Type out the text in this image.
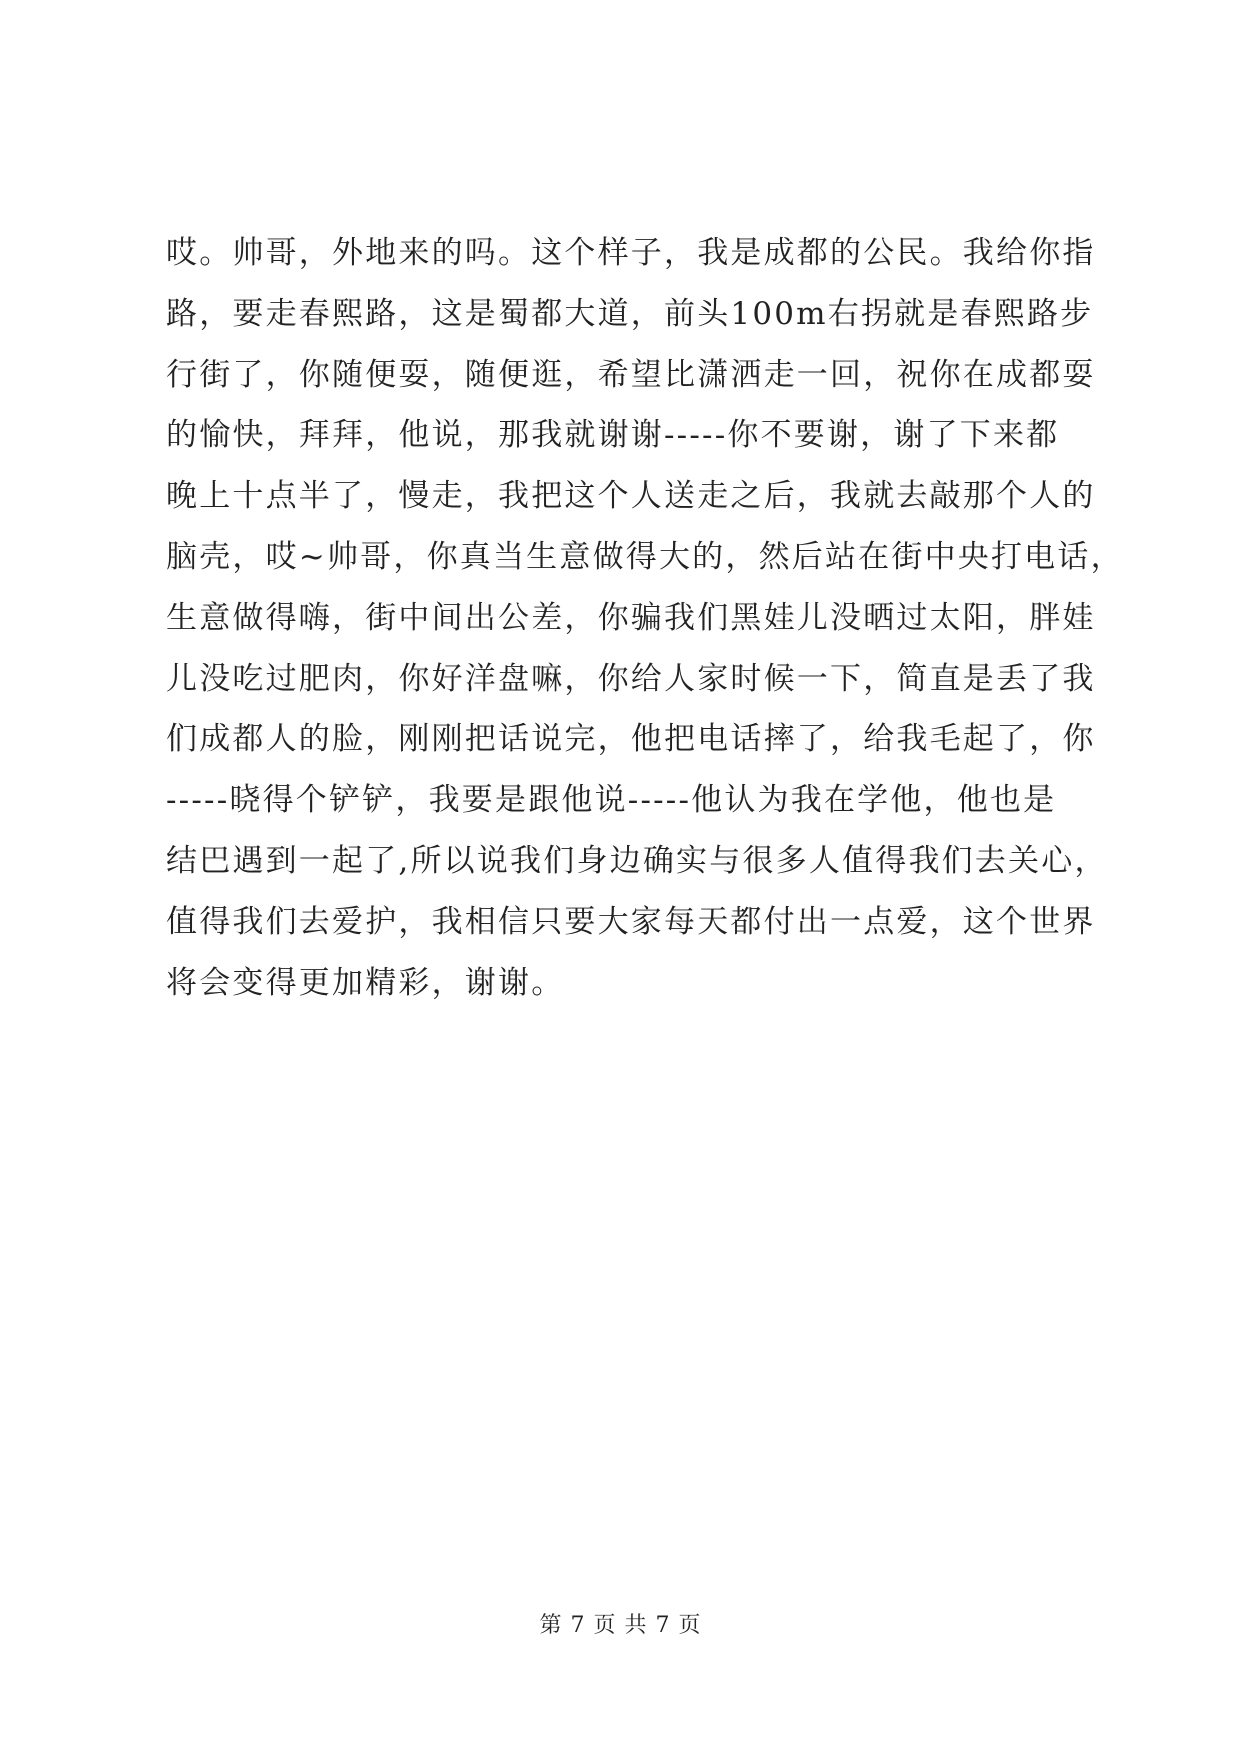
哎。帅哥，外地来的吗。这个样子，我是成都的公民。我给你指
路，要走春熙路，这是蜀都大道，前头100m右拐就是春熙路步
行街了，你随便耍，随便逛，希望比潇洒走一回，祝你在成都耍
的愉快，拜拜，他说，那我就谢谢-----你不要谢，谢了下来都
晚上十点半了，慢走，我把这个人送走之后，我就去敲那个人的
脑壳，哎~帅哥，你真当生意做得大的，然后站在街中央打电话，
生意做得嗨，街中间出公差，你骗我们黑娃儿没晒过太阳，胖娃
儿没吃过肥肉，你好洋盘嘛，你给人家时候一下，简直是丢了我
们成都人的脸，刚刚把话说完，他把电话摔了，给我毛起了，你
-----晓得个铲铲，我要是跟他说-----他认为我在学他，他也是
结巴遇到一起了,所以说我们身边确实与很多人值得我们去关心，
值得我们去爱护，我相信只要大家每天都付出一点爱，这个世界
将会变得更加精彩，谢谢。
第 7 页 共 7 页
